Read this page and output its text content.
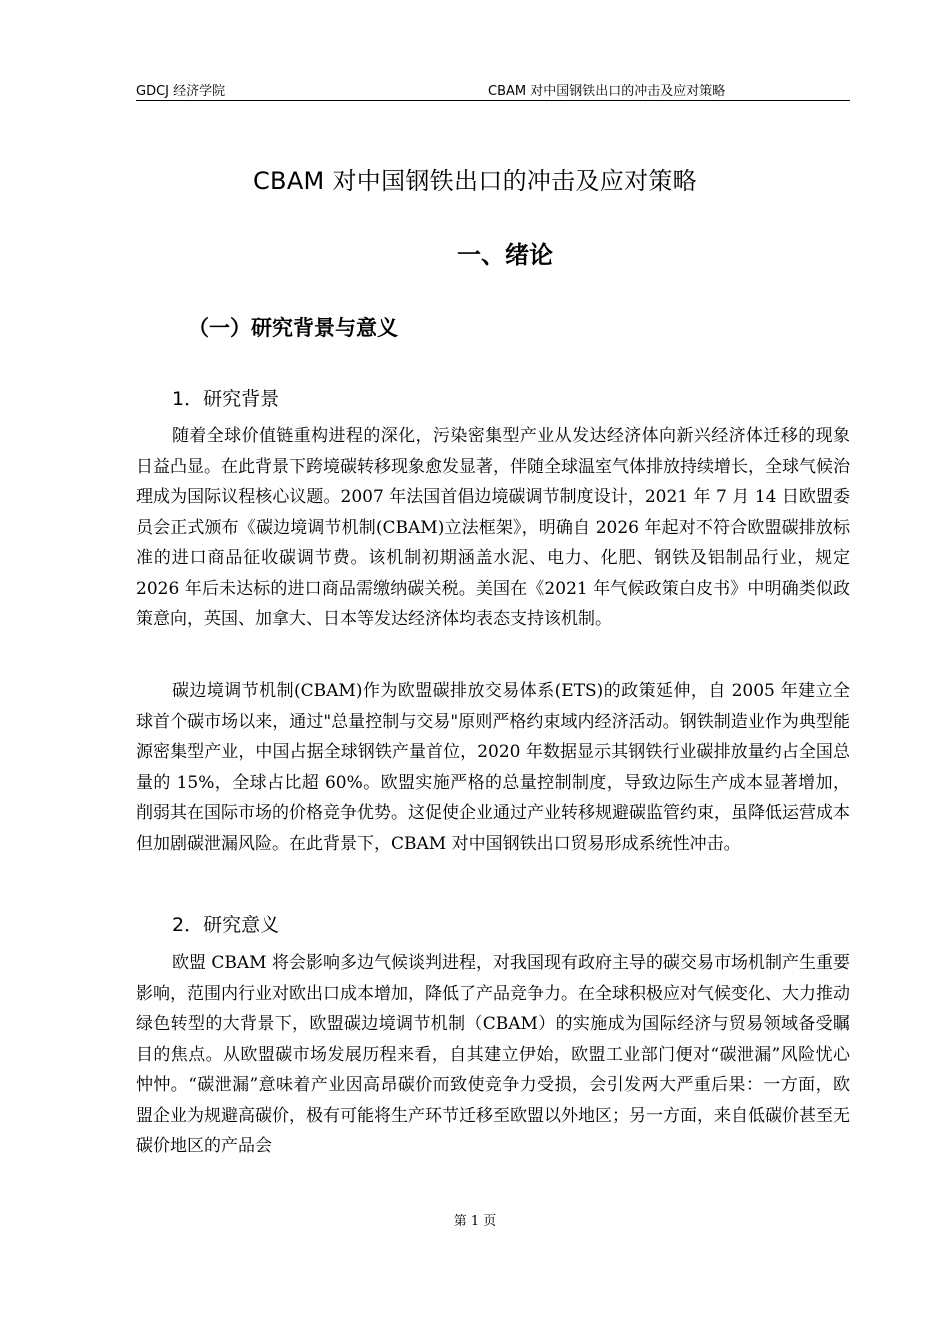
GDCJ 经济学院	CBAM 对中国钢铁出口的冲击及应对策略
CBAM 对中国钢铁出口的冲击及应对策略
一、绪论
（一）研究背景与意义
1．研究背景

随着全球价值链重构进程的深化，污染密集型产业从发达经济体向新兴经济体迁移的现象日益凸显。在此背景下跨境碳转移现象愈发显著，伴随全球温室气体排放持续增长，全球气候治理成为国际议程核心议题。2007 年法国首倡边境碳调节制度设计，2021 年 7 月 14 日欧盟委员会正式颁布《碳边境调节机制(CBAM)立法框架》，明确自 2026 年起对不符合欧盟碳排放标准的进口商品征收碳调节费。该机制初期涵盖水泥、电力、化肥、钢铁及铝制品行业，规定 2026 年后未达标的进口商品需缴纳碳关税。美国在《2021 年气候政策白皮书》中明确类似政策意向，英国、加拿大、日本等发达经济体均表态支持该机制。

碳边境调节机制(CBAM)作为欧盟碳排放交易体系(ETS)的政策延伸，自 2005 年建立全球首个碳市场以来，通过"总量控制与交易"原则严格约束域内经济活动。钢铁制造业作为典型能源密集型产业，中国占据全球钢铁产量首位，2020 年数据显示其钢铁行业碳排放量约占全国总量的 15%，全球占比超 60%。欧盟实施严格的总量控制制度，导致边际生产成本显著增加，削弱其在国际市场的价格竞争优势。这促使企业通过产业转移规避碳监管约束，虽降低运营成本但加剧碳泄漏风险。在此背景下，CBAM 对中国钢铁出口贸易形成系统性冲击。

2．研究意义

欧盟 CBAM 将会影响多边气候谈判进程，对我国现有政府主导的碳交易市场机制产生重要影响，范围内行业对欧出口成本增加，降低了产品竞争力。在全球积极应对气候变化、大力推动绿色转型的大背景下，欧盟碳边境调节机制（CBAM）的实施成为国际经济与贸易领域备受瞩目的焦点。从欧盟碳市场发展历程来看，自其建立伊始，欧盟工业部门便对“碳泄漏”风险忧心忡忡。“碳泄漏”意味着产业因高昂碳价而致使竞争力受损，会引发两大严重后果：一方面，欧盟企业为规避高碳价，极有可能将生产环节迁移至欧盟以外地区；另一方面，来自低碳价甚至无碳价地区的产品会

第 1 页
